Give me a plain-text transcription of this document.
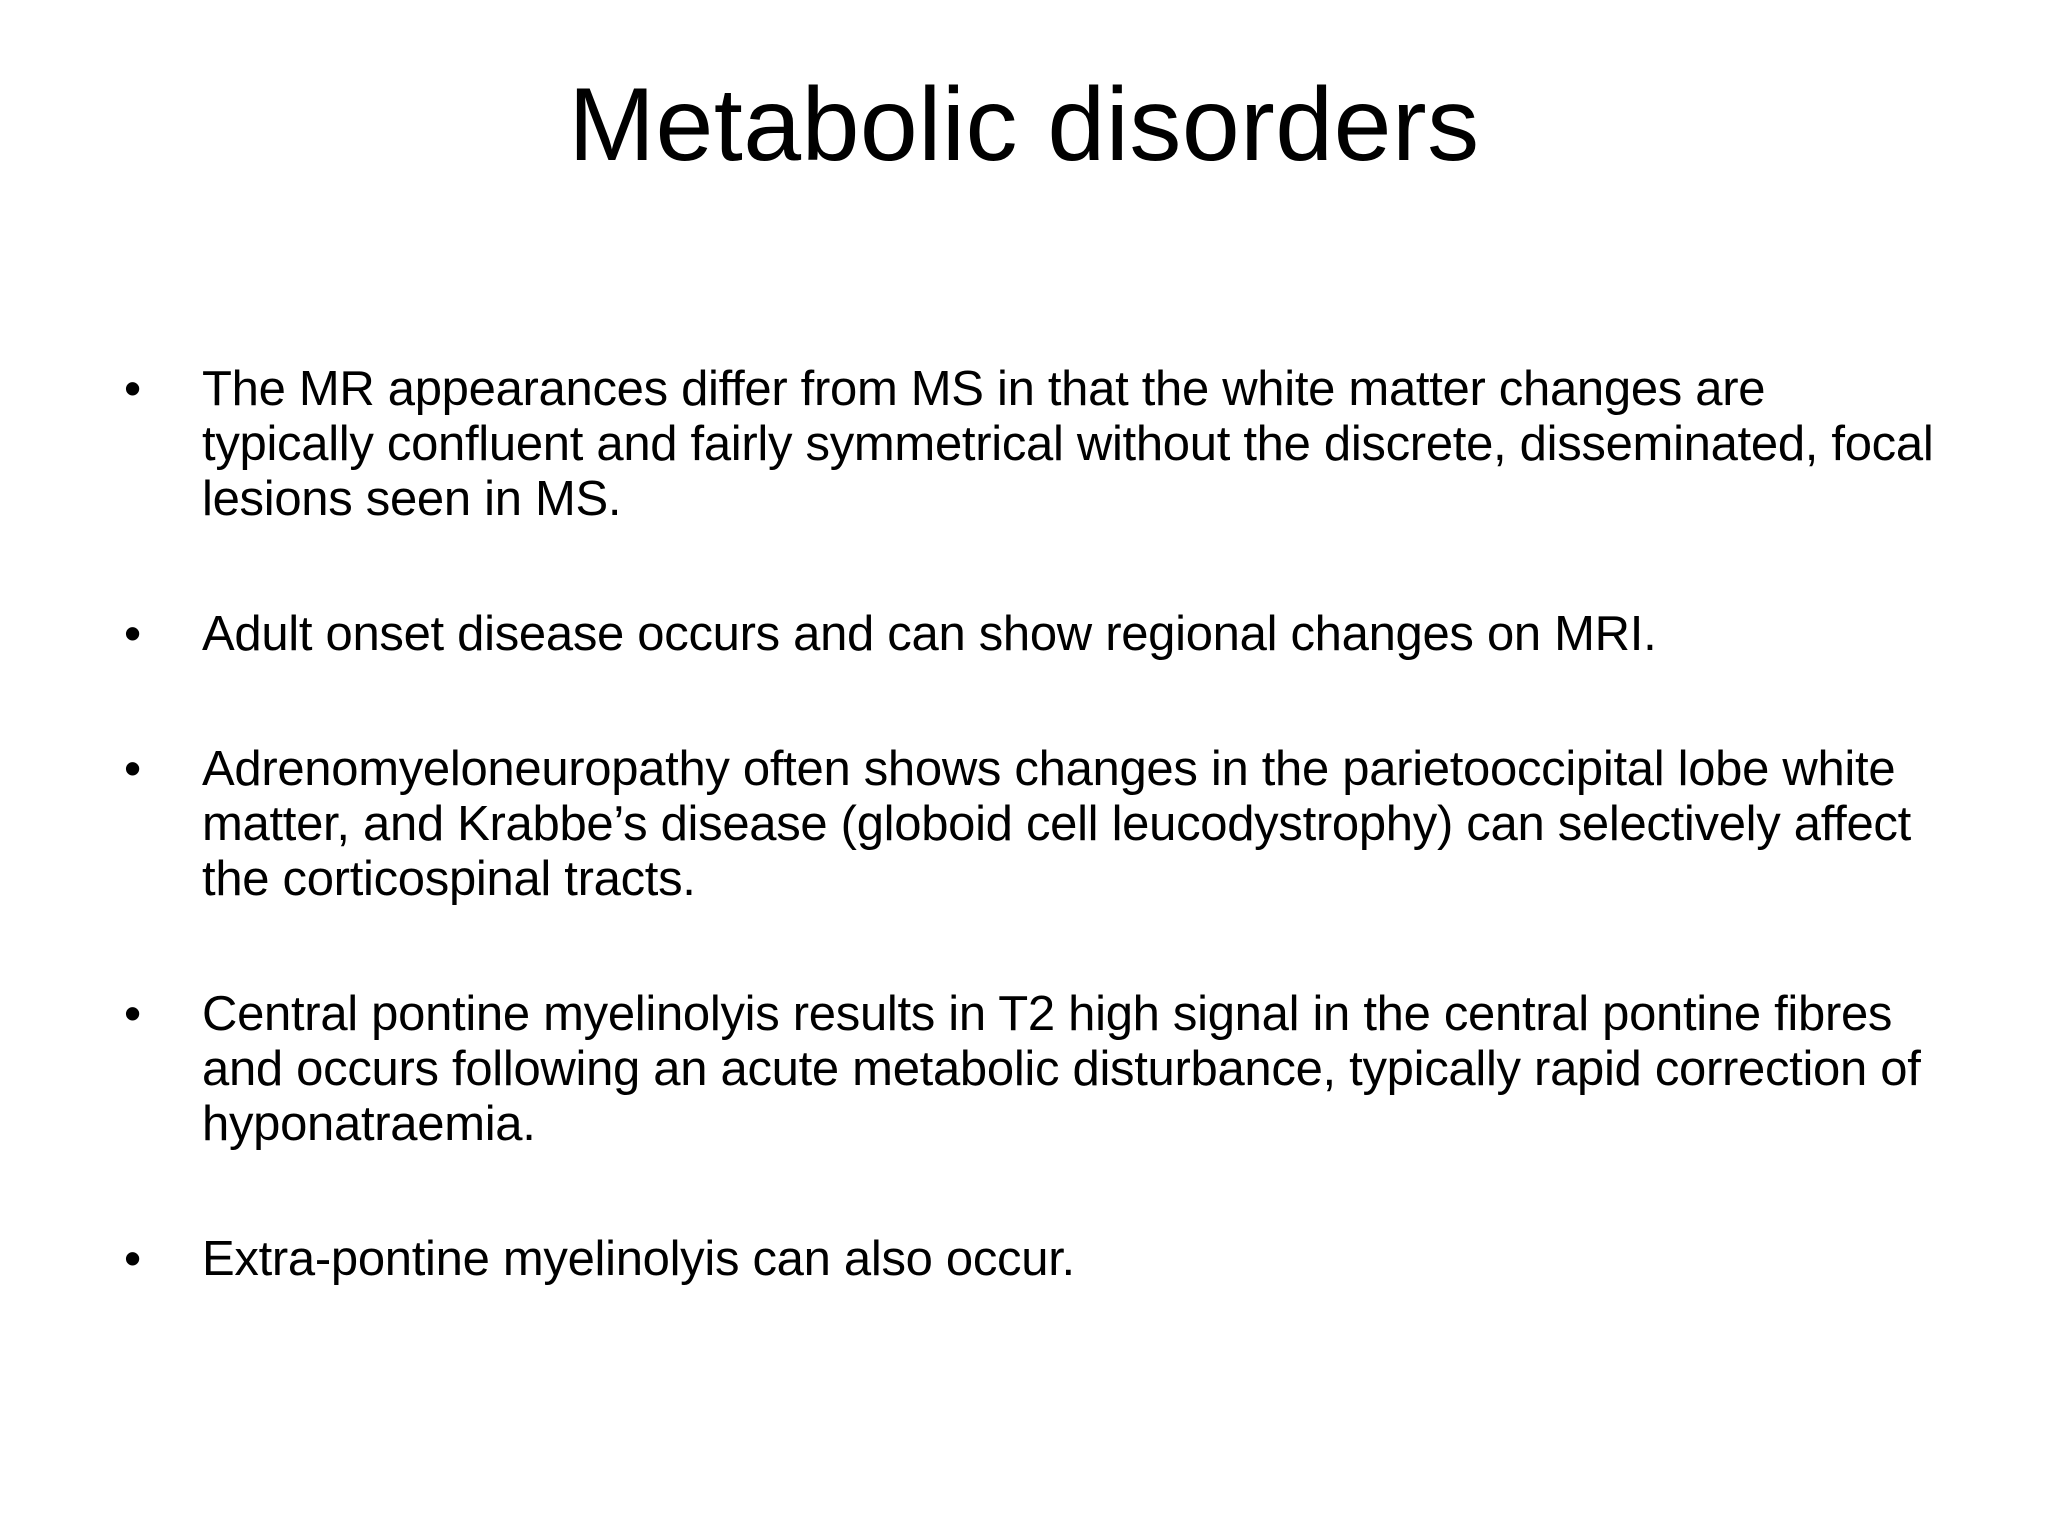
Metabolic disorders
• The MR appearances differ from MS in that the white matter changes are typically confluent and fairly symmetrical without the discrete, disseminated, focal lesions seen in MS.
• Adult onset disease occurs and can show regional changes on MRI.
• Adrenomyeloneuropathy often shows changes in the parietooccipital lobe white matter, and Krabbe’s disease (globoid cell leucodystrophy) can selectively affect the corticospinal tracts.
• Central pontine myelinolyis results in T2 high signal in the central pontine fibres and occurs following an acute metabolic disturbance, typically rapid correction of hyponatraemia.
• Extra-pontine myelinolyis can also occur.
